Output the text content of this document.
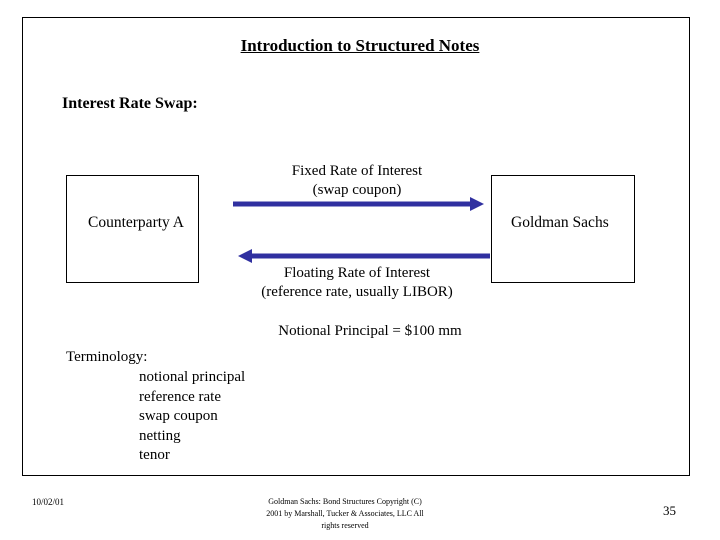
Introduction to Structured Notes
Interest Rate Swap:
Counterparty A	Goldman Sachs
Fixed Rate of Interest
(swap coupon)
Floating Rate of Interest
(reference rate, usually LIBOR)
Notional Principal = $100 mm
Terminology:
notional principal
reference rate
swap coupon
netting
tenor
10/02/01	Goldman Sachs: Bond Structures Copyright (C)
2001 by Marshall, Tucker & Associates, LLC All
rights reserved
35
